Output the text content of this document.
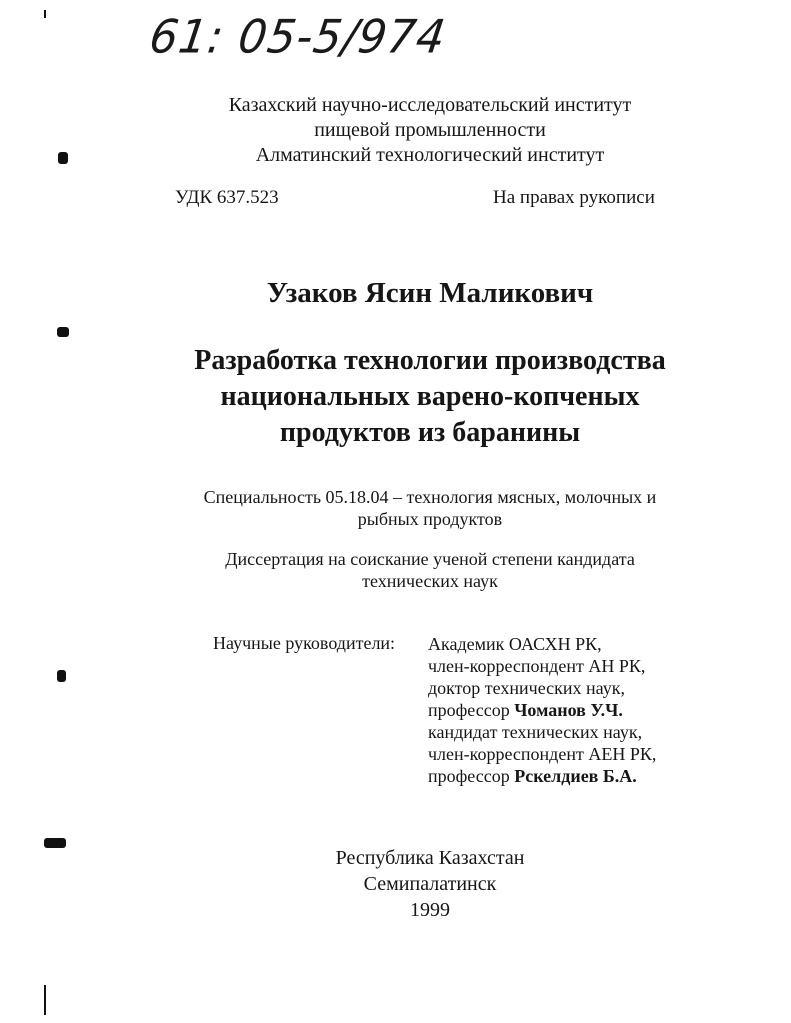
61: 05-5/974
Казахский научно-исследовательский институт
пищевой промышленности
Алматинский технологический институт
УДК 637.523	На правах рукописи
Узаков Ясин Маликович
Разработка технологии производства
национальных варено-копченых
продуктов из баранины
Специальность 05.18.04 – технология мясных, молочных и
рыбных продуктов
Диссертация на соискание ученой степени кандидата
технических наук
Научные руководители: Академик ОАСХН РК,
член-корреспондент АН РК,
доктор технических наук,
профессор Чоманов У.Ч.
кандидат технических наук,
член-корреспондент АЕН РК,
профессор Рскелдиев Б.А.
Республика Казахстан
Семипалатинск
1999
